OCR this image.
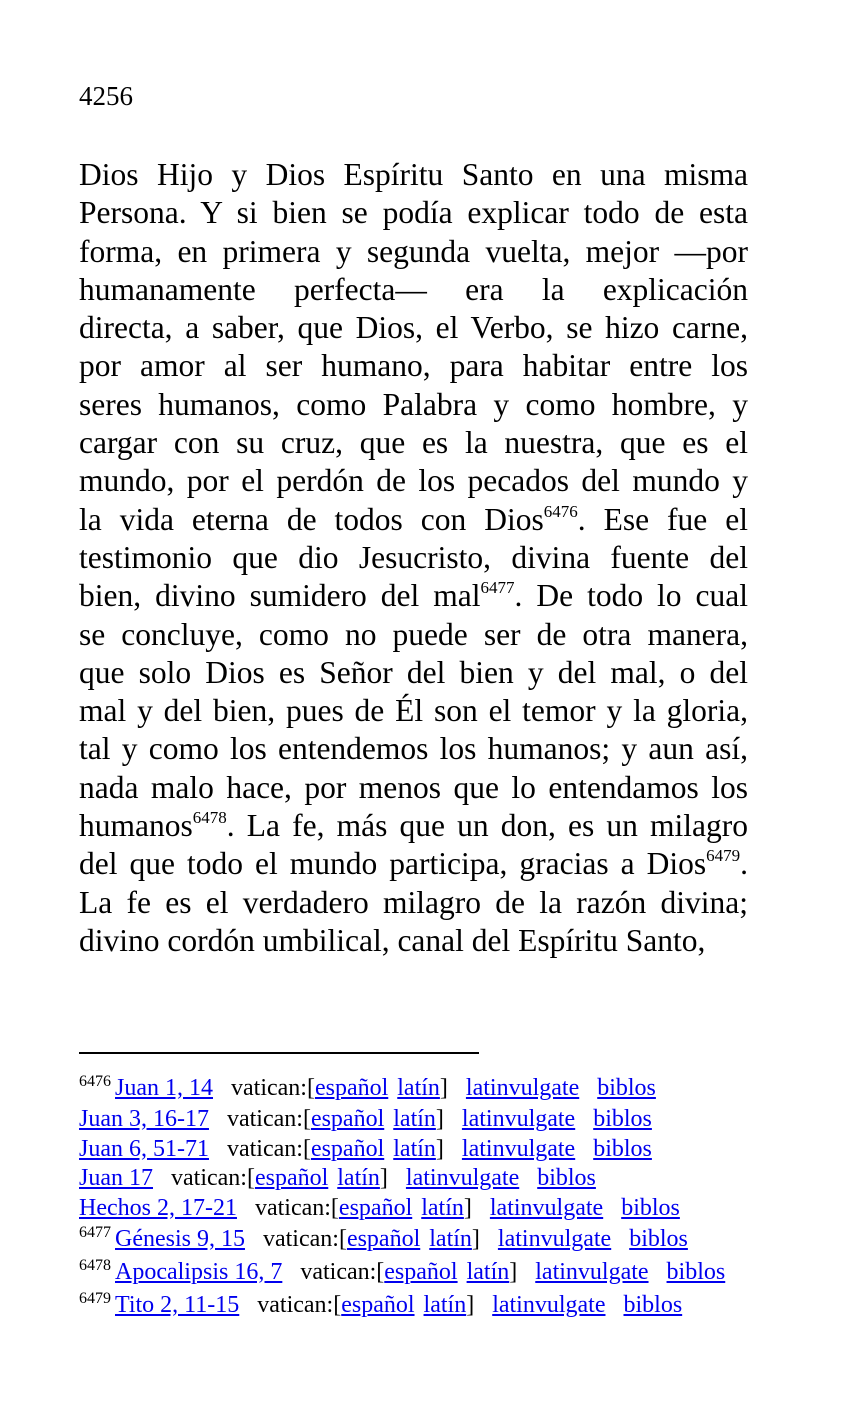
4256
Dios Hijo y Dios Espíritu Santo en una misma
Persona. Y si bien se podía explicar todo de esta
forma, en primera y segunda vuelta, mejor —por
humanamente perfecta— era la explicación
directa, a saber, que Dios, el Verbo, se hizo carne,
por amor al ser humano, para habitar entre los
seres humanos, como Palabra y como hombre, y
cargar con su cruz, que es la nuestra, que es el
mundo, por el perdón de los pecados del mundo y
la vida eterna de todos con Dios$^{6476}$. Ese fue el
testimonio que dio Jesucristo, divina fuente del
bien, divino sumidero del mal$^{6477}$. De todo lo cual
se concluye, como no puede ser de otra manera,
que solo Dios es Señor del bien y del mal, o del
mal y del bien, pues de Él son el temor y la gloria,
tal y como los entendemos los humanos; y aun así,
nada malo hace, por menos que lo entendamos los
humanos$^{6478}$. La fe, más que un don, es un milagro
del que todo el mundo participa, gracias a Dios$^{6479}$.
La fe es el verdadero milagro de la razón divina;
divino cordón umbilical, canal del Espíritu Santo,
$^{6476}$ Juan 1, 14 vatican:[español latín] latinvulgate biblos
Juan 3, 16-17 vatican:[español latín] latinvulgate biblos
Juan 6, 51-71 vatican:[español latín] latinvulgate biblos
Juan 17 vatican:[español latín] latinvulgate biblos
Hechos 2, 17-21 vatican:[español latín] latinvulgate biblos
$^{6477}$ Génesis 9, 15 vatican:[español latín] latinvulgate biblos
$^{6478}$ Apocalipsis 16, 7 vatican:[español latín] latinvulgate biblos
$^{6479}$ Tito 2, 11-15 vatican:[español latín] latinvulgate biblos
